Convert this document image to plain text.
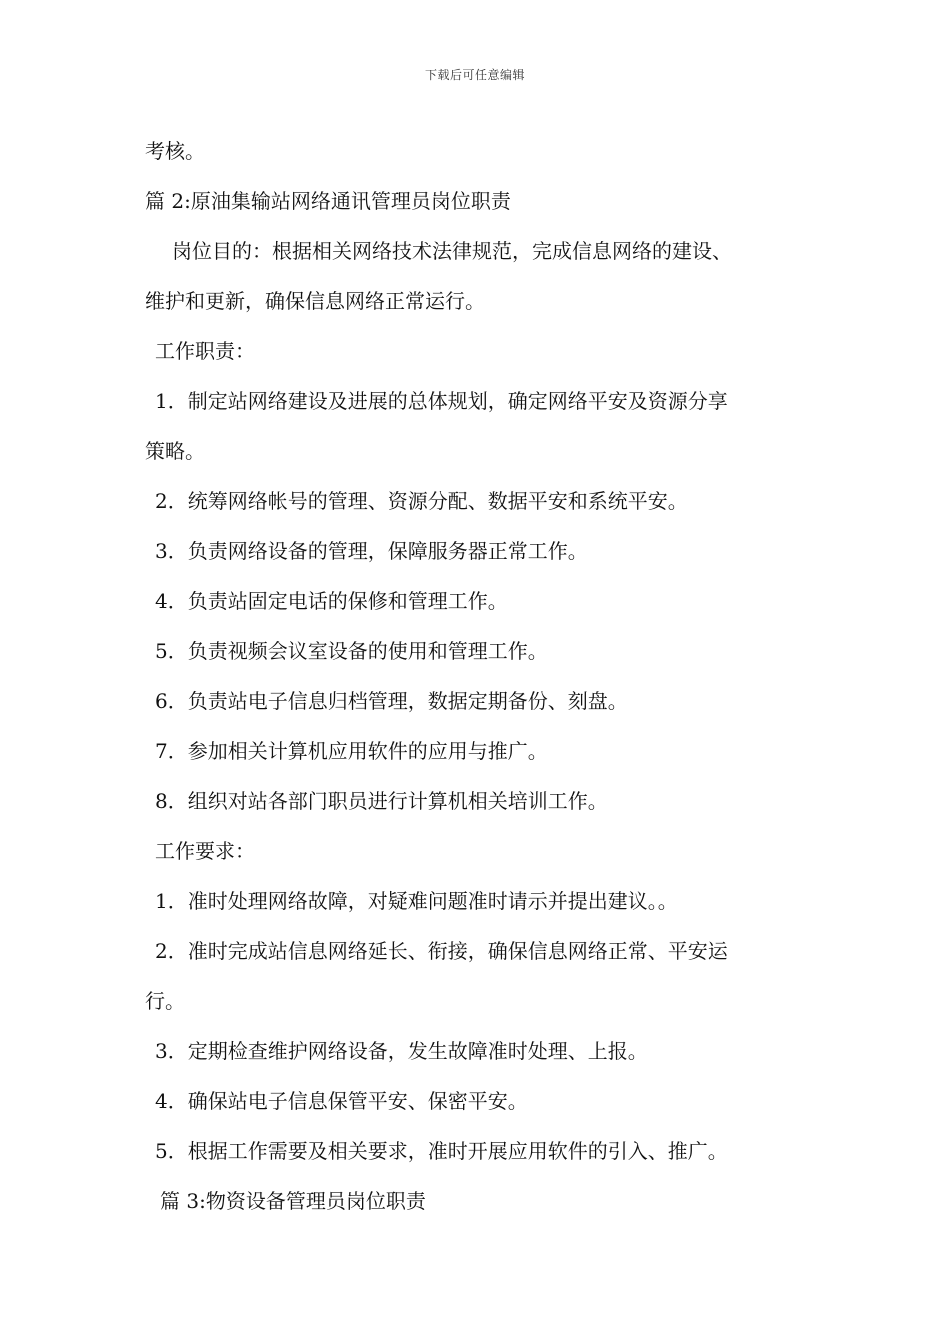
下载后可任意编辑
考核。
篇 2:原油集输站网络通讯管理员岗位职责
岗位目的：根据相关网络技术法律规范，完成信息网络的建设、
维护和更新，确保信息网络正常运行。
工作职责：
1．制定站网络建设及进展的总体规划，确定网络平安及资源分享
策略。
2．统筹网络帐号的管理、资源分配、数据平安和系统平安。
3．负责网络设备的管理，保障服务器正常工作。
4．负责站固定电话的保修和管理工作。
5．负责视频会议室设备的使用和管理工作。
6．负责站电子信息归档管理，数据定期备份、刻盘。
7．参加相关计算机应用软件的应用与推广。
8．组织对站各部门职员进行计算机相关培训工作。
工作要求：
1．准时处理网络故障，对疑难问题准时请示并提出建议。。
2．准时完成站信息网络延长、衔接，确保信息网络正常、平安运
行。
3．定期检查维护网络设备，发生故障准时处理、上报。
4．确保站电子信息保管平安、保密平安。
5．根据工作需要及相关要求，准时开展应用软件的引入、推广。
篇 3:物资设备管理员岗位职责
